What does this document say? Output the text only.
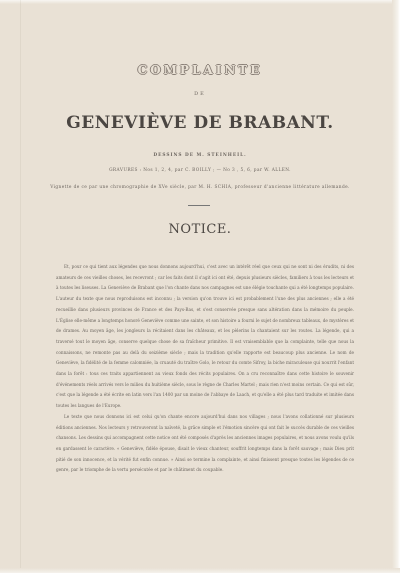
COMPLAINTE
DE
GENEVIÈVE DE BRABANT.
DESSINS DE M. STEINHEIL.
GRAVURES : Nos 1, 2, 4, par C. BOILLY ; — No 3 , 5, 6, par W. ALLEN.
Vignette de ce par une chromographie de XVe siècle, par M. H. SCHIA, professeur d'ancienne littérature allemande.
NOTICE.

Et, pour ce qui tient aux légendes que nous donnons aujourd'hui, c'est avec un intérêt réel que ceux qui ne sont ni des érudits, ni des amateurs de ces vieilles choses, les recevront ; car les faits dont il s'agit ici ont été, depuis plusieurs siècles, familiers à tous les lecteurs et à toutes les liseuses. La Geneviève de Brabant que l'on chante dans nos campagnes est une élégie touchante qui a été longtemps populaire. L'auteur du texte que nous reproduisons est inconnu ; la version qu'on trouve ici est probablement l'une des plus anciennes ; elle a été recueillie dans plusieurs provinces de France et des Pays-Bas, et s'est conservée presque sans altération dans la mémoire du peuple. L'Église elle-même a longtemps honoré Geneviève comme une sainte, et son histoire a fourni le sujet de nombreux tableaux, de mystères et de drames. Au moyen âge, les jongleurs la récitaient dans les châteaux, et les pèlerins la chantaient sur les routes. La légende, qui a traversé tout le moyen âge, conserve quelque chose de sa fraîcheur primitive. Il est vraisemblable que la complainte, telle que nous la connaissons, ne remonte pas au delà du seizième siècle ; mais la tradition qu'elle rapporte est beaucoup plus ancienne. Le nom de Geneviève, la fidélité de la femme calomniée, la cruauté du traître Golo, le retour du comte Sifroy, la biche miraculeuse qui nourrit l'enfant dans la forêt : tous ces traits appartiennent au vieux fonds des récits populaires. On a cru reconnaître dans cette histoire le souvenir d'événements réels arrivés vers le milieu du huitième siècle, sous le règne de Charles Martel ; mais rien n'est moins certain. Ce qui est sûr, c'est que la légende a été écrite en latin vers l'an 1400 par un moine de l'abbaye de Laach, et qu'elle a été plus tard traduite et imitée dans toutes les langues de l'Europe.

Le texte que nous donnons ici est celui qu'on chante encore aujourd'hui dans nos villages ; nous l'avons collationné sur plusieurs éditions anciennes. Nos lecteurs y retrouveront la naïveté, la grâce simple et l'émotion sincère qui ont fait le succès durable de ces vieilles chansons. Les dessins qui accompagnent cette notice ont été composés d'après les anciennes images populaires, et nous avons voulu qu'ils en gardassent le caractère. « Geneviève, fidèle épouse, disait le vieux chanteur, souffrit longtemps dans la forêt sauvage ; mais Dieu prit pitié de son innocence, et la vérité fut enfin connue. » Ainsi se termine la complainte, et ainsi finissent presque toutes les légendes de ce genre, par le triomphe de la vertu persécutée et par le châtiment du coupable.
